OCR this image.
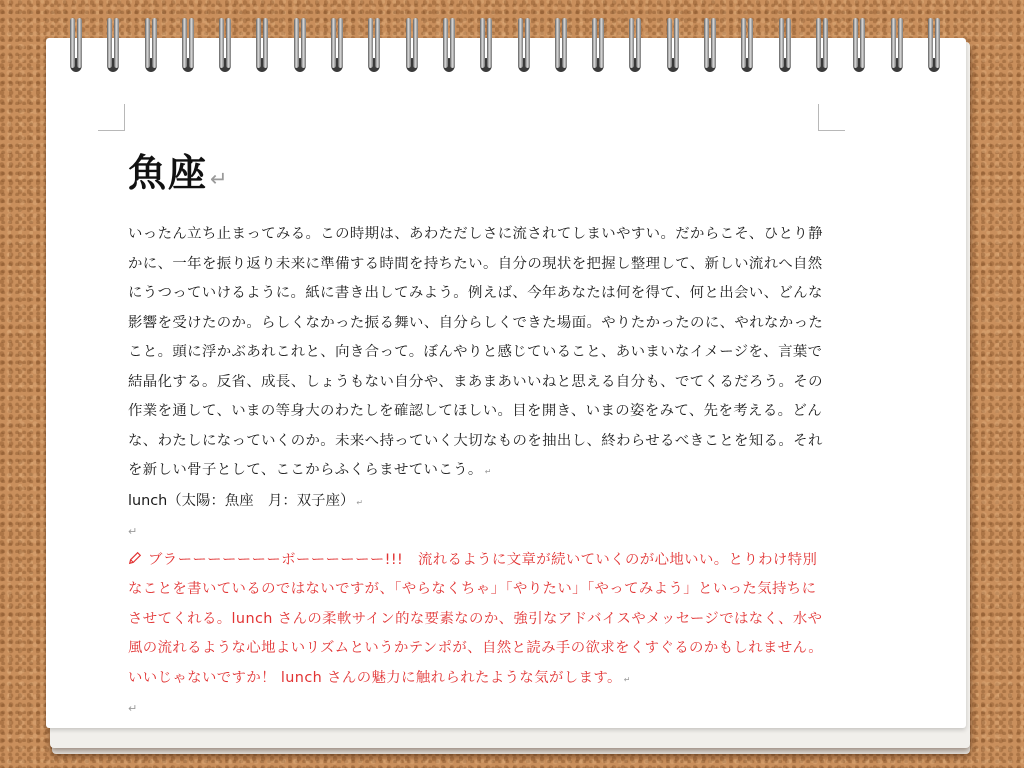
魚座↵

いったん立ち止まってみる。この時期は、あわただしさに流されてしまいやすい。だからこそ、ひとり静かに、一年を振り返り未来に準備する時間を持ちたい。自分の現状を把握し整理して、新しい流れへ自然にうつっていけるように。紙に書き出してみよう。例えば、今年あなたは何を得て、何と出会い、どんな影響を受けたのか。らしくなかった振る舞い、自分らしくできた場面。やりたかったのに、やれなかったこと。頭に浮かぶあれこれと、向き合って。ぼんやりと感じていること、あいまいなイメージを、言葉で結晶化する。反省、成長、しょうもない自分や、まあまあいいねと思える自分も、でてくるだろう。その作業を通して、いまの等身大のわたしを確認してほしい。目を開き、いまの姿をみて、先を考える。どんな、わたしになっていくのか。未来へ持っていく大切なものを抽出し、終わらせるべきことを知る。それを新しい骨子として、ここからふくらませていこう。 ↵

lunch（太陽：魚座　月：双子座） ↵

↵

ブラーーーーーーーボーーーーーー!!!　流れるように文章が続いていくのが心地いい。とりわけ特別なことを書いているのではないですが、「やらなくちゃ」「やりたい」「やってみよう」といった気持ちにさせてくれる。lunch さんの柔軟サイン的な要素なのか、強引なアドバイスやメッセージではなく、水や風の流れるような心地よいリズムというかテンポが、自然と読み手の欲求をくすぐるのかもしれません。いいじゃないですか！ lunch さんの魅力に触れられたような気がします。 ↵

↵
